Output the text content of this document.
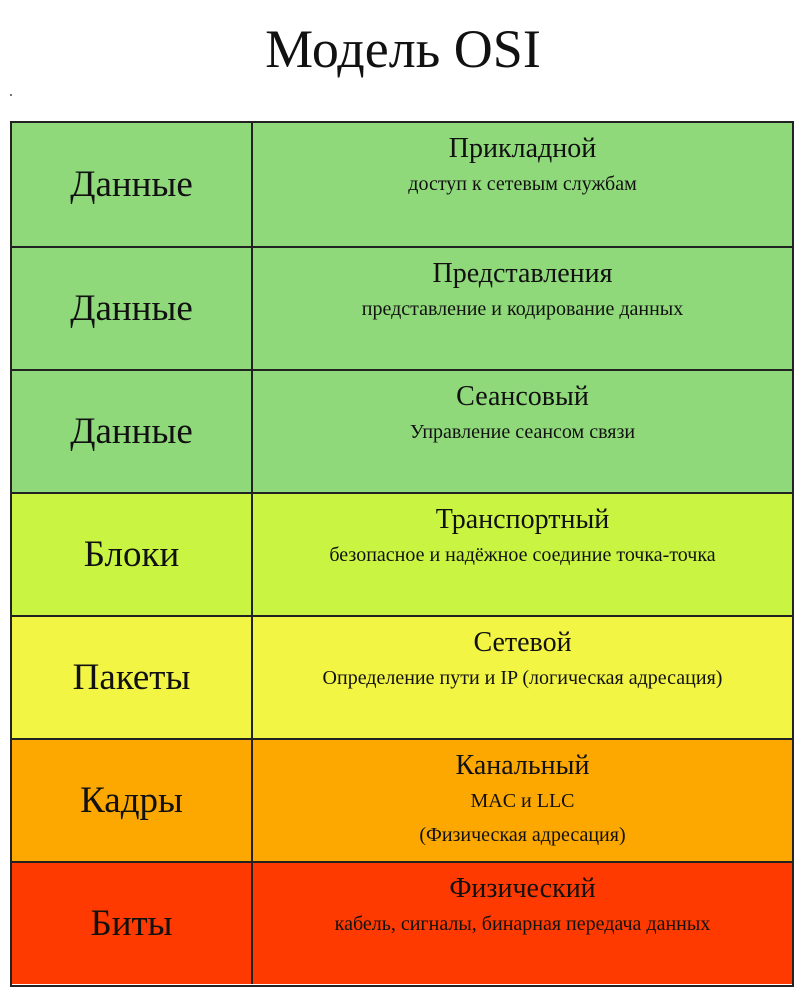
Модель OSI
Данные
Прикладной
доступ к сетевым службам
Данные
Представления
представление и кодирование данных
Данные
Сеансовый
Управление сеансом связи
Блоки
Транспортный
безопасное и надёжное соединие точка-точка
Пакеты
Сетевой
Определение пути и IP (логическая адресация)
Кадры
Канальный
MAC и LLC
(Физическая адресация)
Биты
Физический
кабель, сигналы, бинарная передача данных
